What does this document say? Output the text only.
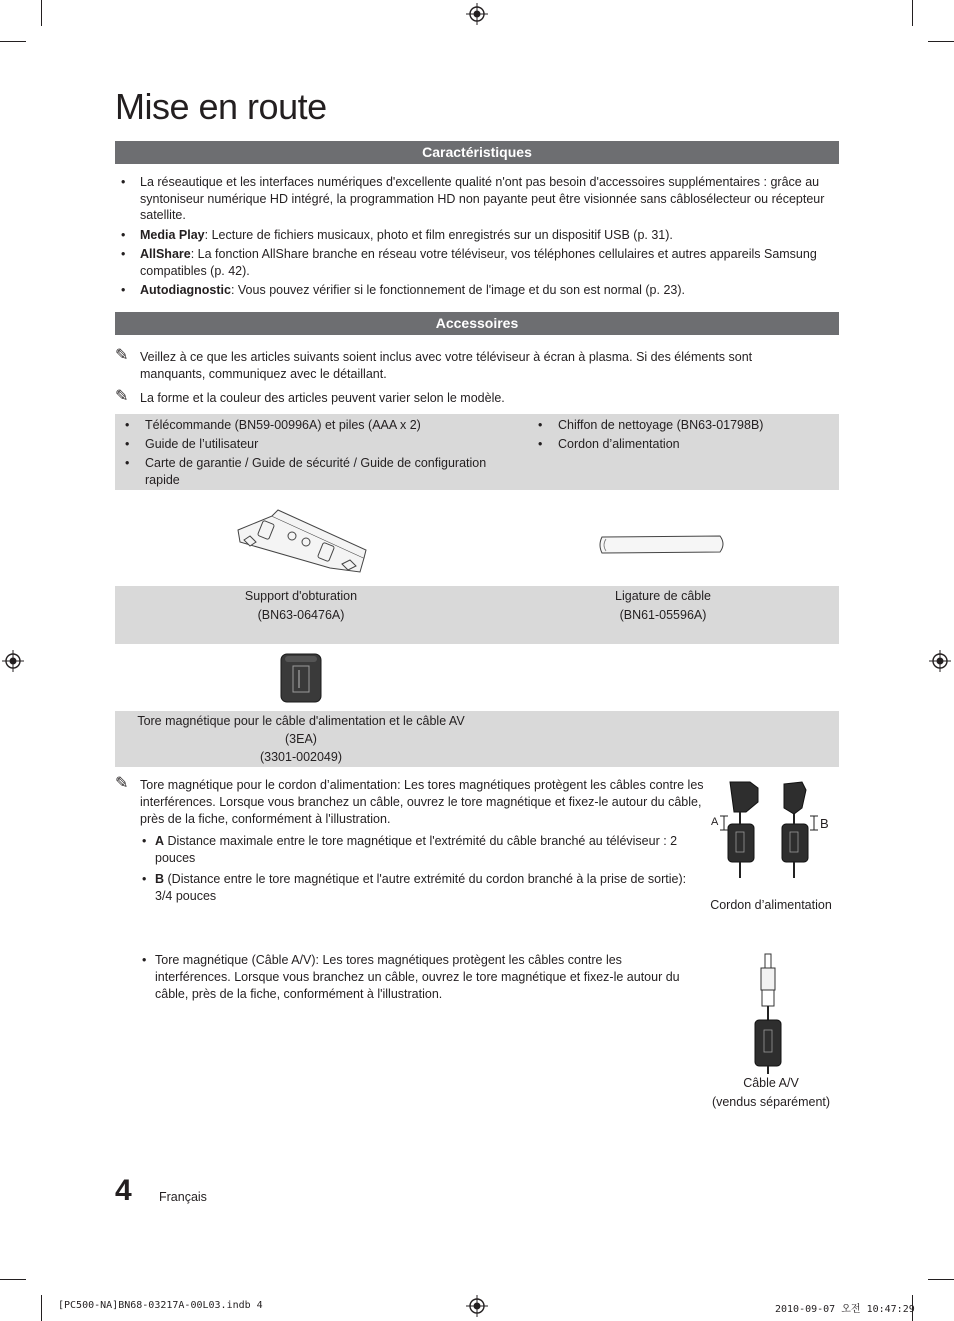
Mise en route
Caractéristiques
• La réseautique et les interfaces numériques d'excellente qualité n'ont pas besoin d'accessoires supplémentaires : grâce au syntoniseur numérique HD intégré, la programmation HD non payante peut être visionnée sans câblosélecteur ou récepteur satellite.
• Media Play: Lecture de fichiers musicaux, photo et film enregistrés sur un dispositif USB (p. 31).
• AllShare: La fonction AllShare branche en réseau votre téléviseur, vos téléphones cellulaires et autres appareils Samsung compatibles (p. 42).
• Autodiagnostic: Vous pouvez vérifier si le fonctionnement de l'image et du son est normal (p. 23).
Accessoires
✎ Veillez à ce que les articles suivants soient inclus avec votre téléviseur à écran à plasma. Si des éléments sont manquants, communiquez avec le détaillant.
✎ La forme et la couleur des articles peuvent varier selon le modèle.
• Télécommande (BN59-00996A) et piles (AAA x 2)
• Guide de l’utilisateur
• Carte de garantie / Guide de sécurité / Guide de configuration rapide
• Chiffon de nettoyage (BN63-01798B)
• Cordon d’alimentation
Support d'obturation
(BN63-06476A)
Ligature de câble
(BN61-05596A)
Tore magnétique pour le câble d'alimentation et le câble AV
(3EA)
(3301-002049)
✎ Tore magnétique pour le cordon d’alimentation: Les tores magnétiques protègent les câbles contre les interférences. Lorsque vous branchez un câble, ouvrez le tore magnétique et fixez-le autour du câble, près de la fiche, conformément à l'illustration.
• A Distance maximale entre le tore magnétique et l'extrémité du câble branché au téléviseur : 2 pouces
• B (Distance entre le tore magnétique et l'autre extrémité du cordon branché à la prise de sortie): 3/4 pouces
A	B
Cordon d’alimentation
• Tore magnétique (Câble A/V): Les tores magnétiques protègent les câbles contre les interférences. Lorsque vous branchez un câble, ouvrez le tore magnétique et fixez-le autour du câble, près de la fiche, conformément à l'illustration.
Câble A/V
(vendus séparément)
4 Français
[PC500-NA]BN68-03217A-00L03.indb 4	2010-09-07 오전 10:47:29
